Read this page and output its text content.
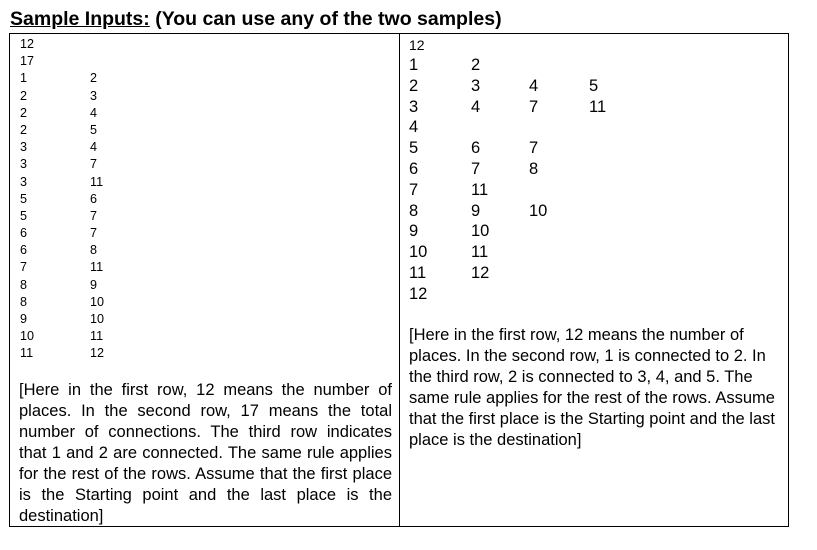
Sample Inputs: (You can use any of the two samples)
12
17
1	2
2	3
2	4
2	5
3	4
3	7
3	11
5	6
5	7
6	7
6	8
7	11
8	9
8	10
9	10
10	11
11	12
[Here in the first row, 12 means the number of places. In the second row, 17 means the total number of connections. The third row indicates that 1 and 2 are connected. The same rule applies for the rest of the rows. Assume that the first place is the Starting point and the last place is the destination]
12
1	2
2	3	4	5
3	4	7	11
4
5	6	7
6	7	8
7	11
8	9	10
9	10
10	11
11	12
12
[Here in the first row, 12 means the number of places. In the second row, 1 is connected to 2. In the third row, 2 is connected to 3, 4, and 5. The same rule applies for the rest of the rows. Assume that the first place is the Starting point and the last place is the destination]
